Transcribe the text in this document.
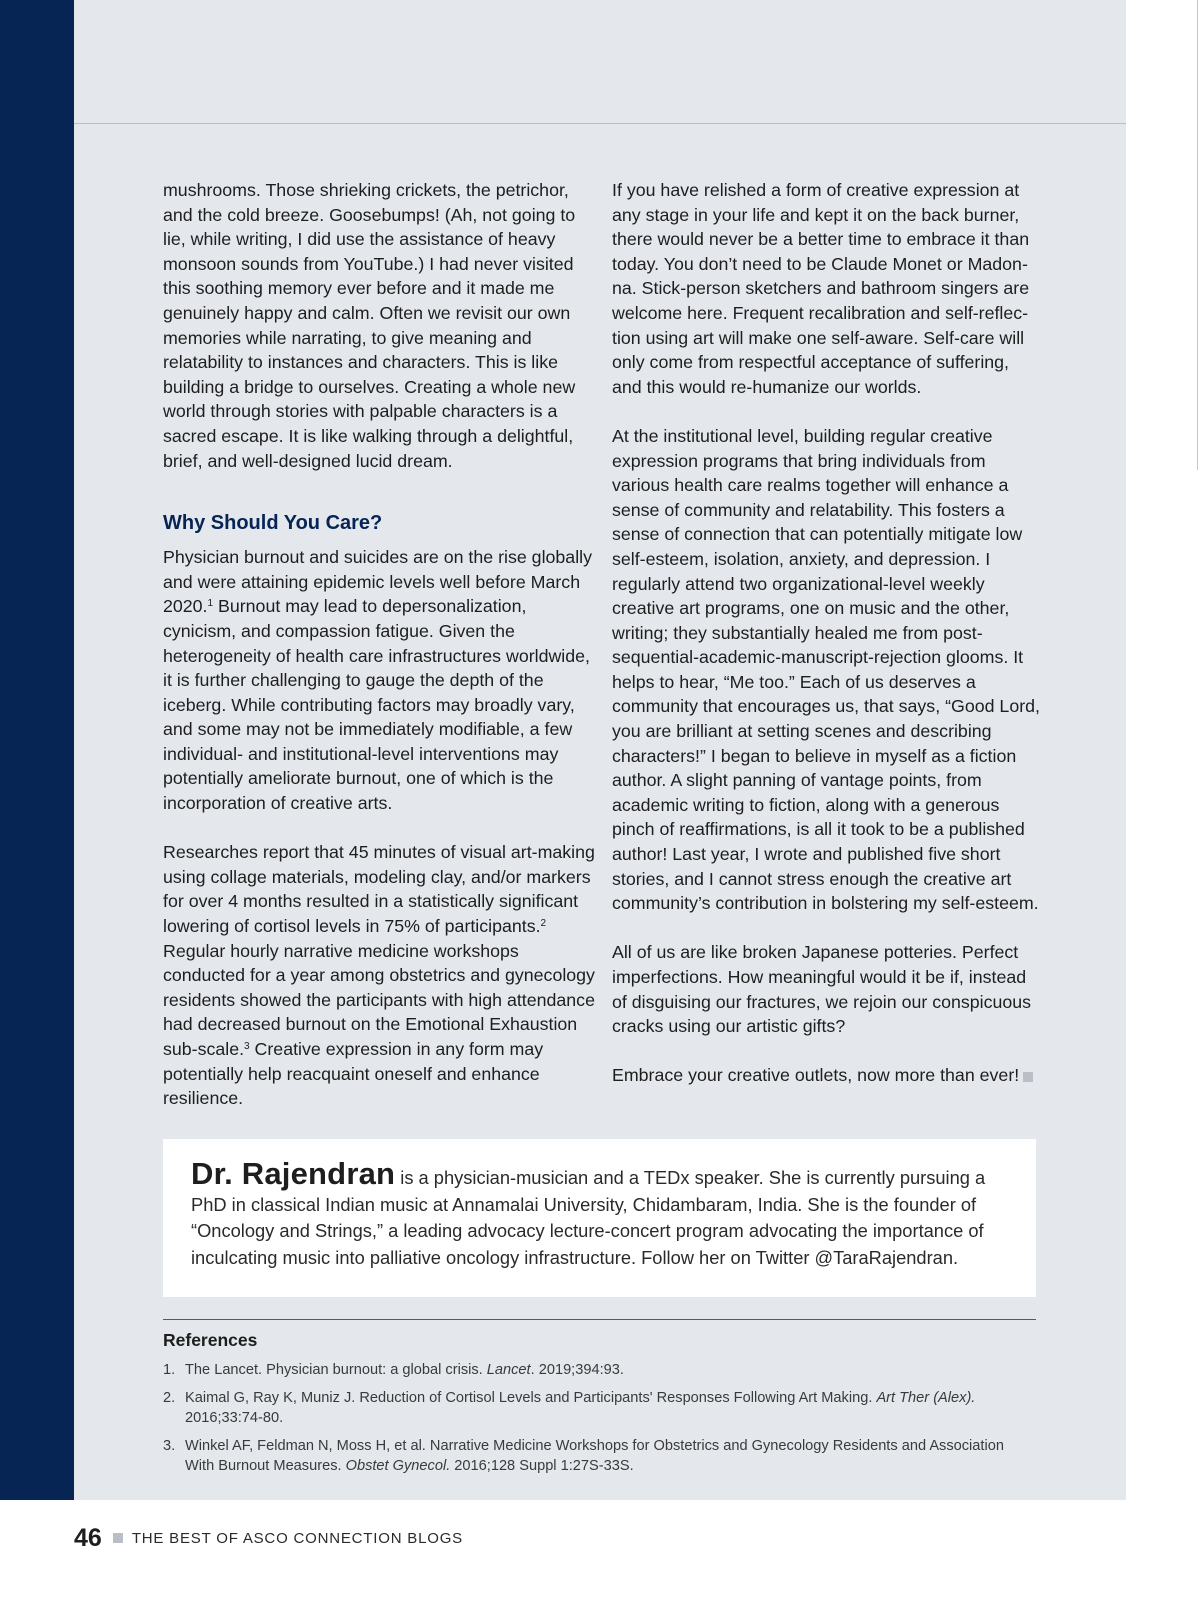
mushrooms. Those shrieking crickets, the petrichor, and the cold breeze. Goosebumps! (Ah, not going to lie, while writing, I did use the assistance of heavy monsoon sounds from YouTube.) I had never visited this soothing memory ever before and it made me genuinely happy and calm. Often we revisit our own memories while narrating, to give meaning and relatability to instances and characters. This is like building a bridge to ourselves. Creating a whole new world through stories with palpable characters is a sacred escape. It is like walking through a delightful, brief, and well-designed lucid dream.

Why Should You Care?

Physician burnout and suicides are on the rise globally and were attaining epidemic levels well before March 2020.$^1$ Burnout may lead to depersonalization, cynicism, and compassion fatigue. Given the heterogeneity of health care infrastructures worldwide, it is further challenging to gauge the depth of the iceberg. While contributing factors may broadly vary, and some may not be immediately modifiable, a few individual- and institutional-level interventions may potentially ameliorate burnout, one of which is the incorporation of creative arts.

Researches report that 45 minutes of visual art-making using collage materials, modeling clay, and/or markers for over 4 months resulted in a statistically significant lowering of cortisol levels in 75% of participants.$^2$ Regular hourly narrative medicine workshops conducted for a year among obstetrics and gynecology residents showed the participants with high attendance had decreased burnout on the Emotional Exhaustion sub-scale.$^3$ Creative expression in any form may potentially help reacquaint oneself and enhance resilience.

If you have relished a form of creative expression at any stage in your life and kept it on the back burner, there would never be a better time to embrace it than today. You don’t need to be Claude Monet or Madonna. Stick-person sketchers and bathroom singers are welcome here. Frequent recalibration and self-reflection using art will make one self-aware. Self-care will only come from respectful acceptance of suffering, and this would re-humanize our worlds.

At the institutional level, building regular creative expression programs that bring individuals from various health care realms together will enhance a sense of community and relatability. This fosters a sense of connection that can potentially mitigate low self-esteem, isolation, anxiety, and depression. I regularly attend two organizational-level weekly creative art programs, one on music and the other, writing; they substantially healed me from post-sequential-academic-manuscript-rejection glooms. It helps to hear, “Me too.” Each of us deserves a community that encourages us, that says, “Good Lord, you are brilliant at setting scenes and describing characters!” I began to believe in myself as a fiction author. A slight panning of vantage points, from academic writing to fiction, along with a generous pinch of reaffirmations, is all it took to be a published author! Last year, I wrote and published five short stories, and I cannot stress enough the creative art community’s contribution in bolstering my self-esteem.

All of us are like broken Japanese potteries. Perfect imperfections. How meaningful would it be if, instead of disguising our fractures, we rejoin our conspicuous cracks using our artistic gifts?

Embrace your creative outlets, now more than ever!

Dr. Rajendran is a physician-musician and a TEDx speaker. She is currently pursuing a PhD in classical Indian music at Annamalai University, Chidambaram, India. She is the founder of “Oncology and Strings,” a leading advocacy lecture-concert program advocating the importance of inculcating music into palliative oncology infrastructure. Follow her on Twitter @TaraRajendran.
References
1. The Lancet. Physician burnout: a global crisis. Lancet. 2019;394:93.
2. Kaimal G, Ray K, Muniz J. Reduction of Cortisol Levels and Participants' Responses Following Art Making. Art Ther (Alex). 2016;33:74-80.
3. Winkel AF, Feldman N, Moss H, et al. Narrative Medicine Workshops for Obstetrics and Gynecology Residents and Association With Burnout Measures. Obstet Gynecol. 2016;128 Suppl 1:27S-33S.
46 THE BEST OF ASCO CONNECTION BLOGS
